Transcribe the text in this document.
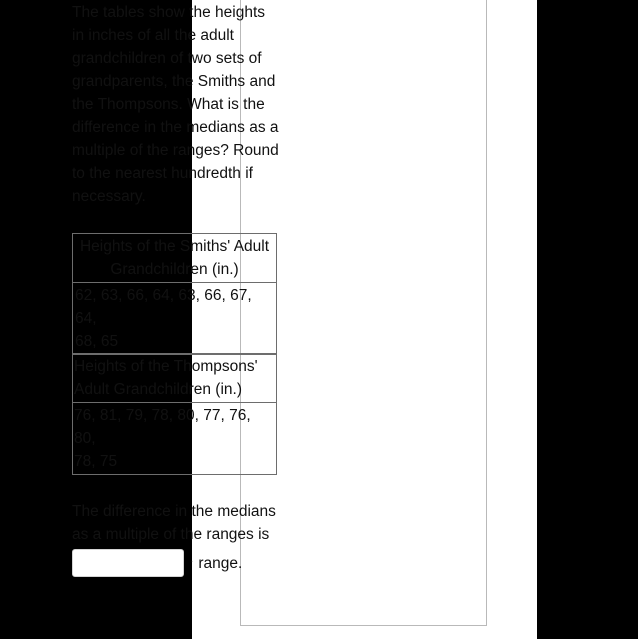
The tables show the heights
in inches of all the adult
grandchildren of two sets of
grandparents, the Smiths and
the Thompsons. What is the
difference in the medians as a
multiple of the ranges? Round
to the nearest hundredth if
necessary.
Heights of the Smiths' Adult
Grandchildren (in.)

62, 63, 66, 64, 63, 66, 67, 64,
68, 65
Heights of the Thompsons'
Adult Grandchildren (in.)

76, 81, 79, 78, 80, 77, 76, 80,
78, 75
The difference in the medians
as a multiple of the ranges is
· range.
